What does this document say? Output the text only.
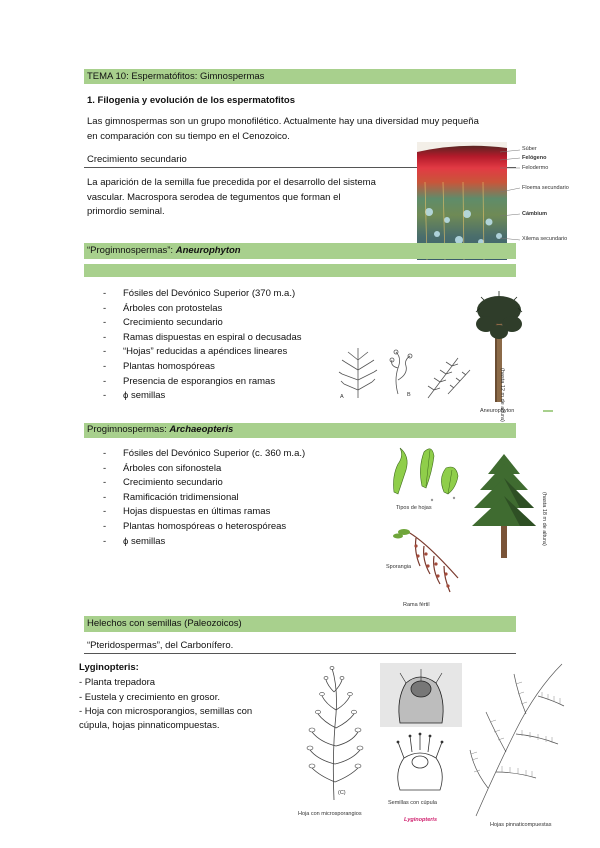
TEMA 10: Espermatófitos: Gimnospermas
1. Filogenia y evolución de los espermatofitos
Las gimnospermas son un grupo monofilético. Actualmente hay una diversidad muy pequeña
en comparación con su tiempo en el Cenozoico.
Crecimiento secundario
La aparición de la semilla fue precedida por el desarrollo del sistema
vascular. Macrospora serodea de tegumentos que forman el
primordio seminal.
Súber
Felógeno
Felodermo
Floema secundario
Cámbium
Xilema secundario
“Progimnospermas”: Aneurophyton
- Fósiles del Devónico Superior (370 m.a.)
- Árboles con protostelas
- Crecimiento secundario
- Ramas dispuestas en espiral o decusadas
- “Hojas” reducidas a apéndices lineares
- Plantas homospóreas
- Presencia de esporangios en ramas
- ϕ semillas	A	B
Aneurophyton
(hasta 12 m de altura)
Progimnospermas: Archaeopteris
- Fósiles del Devónico Superior (c. 360 m.a.)
- Árboles con sifonostela
- Crecimiento secundario
- Ramificación tridimensional
- Hojas dispuestas en últimas ramas
- Plantas homospóreas o heterospóreas
- ϕ semillas
Tipos de hojas
Sporangia
Rama fértil
(hasta 18 m de altura)
Helechos con semillas (Paleozoicos)
“Pteridospermas”, del Carbonífero.
Lyginopteris:
- Planta trepadora
- Eustela y crecimiento en grosor.
- Hoja con microsporangios, semillas con
cúpula, hojas pinnaticompuestas.
(C)
Hoja con microsporangios
Semillas con cúpula
Lyginopteris
Hojas pinnaticompuestas
